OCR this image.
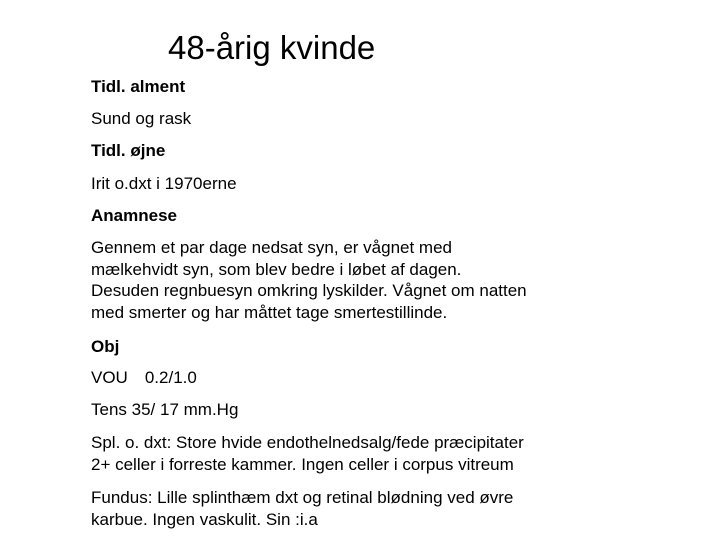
48-årig kvinde
Tidl. alment
Sund og rask
Tidl. øjne
Irit o.dxt i 1970erne
Anamnese
Gennem et par dage nedsat syn, er vågnet med
mælkehvidt syn, som blev bedre i løbet af dagen.
Desuden regnbuesyn omkring lyskilder. Vågnet om natten
med smerter og har måttet tage smertestillinde.
Obj
VOU 0.2/1.0
Tens 35/ 17 mm.Hg
Spl. o. dxt: Store hvide endothelnedsalg/fede præcipitater
2+ celler i forreste kammer. Ingen celler i corpus vitreum
Fundus: Lille splinthæm dxt og retinal blødning ved øvre
karbue. Ingen vaskulit. Sin :i.a
